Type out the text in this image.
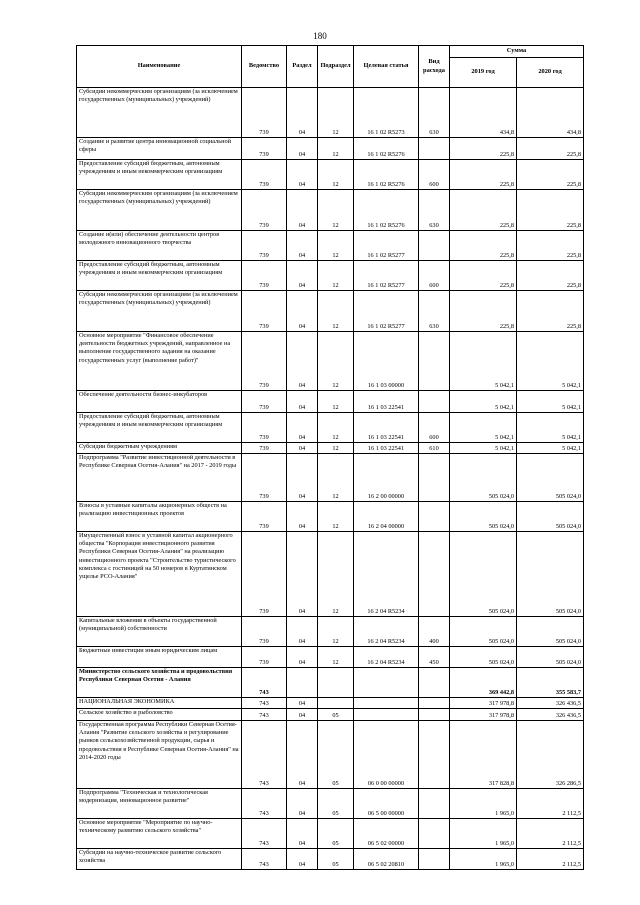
180
Наименование	Ведомство	Раздел	Подраздел	Целевая статья	Вид расхода	Сумма	
						2019 год	2020 год
Субсидии некоммерческим организациям (за исключением государственных (муниципальных) учреждений)	739	04	12	16 1 02 R5273	630	434,8	434,8
Создание и развитие центра инновационной социальной сферы	739	04	12	16 1 02 R5276		225,8	225,8
Предоставление субсидий бюджетным, автономным учреждениям и иным некоммерческим организациям	739	04	12	16 1 02 R5276	600	225,8	225,8
Субсидии некоммерческим организациям (за исключением государственных (муниципальных) учреждений)	739	04	12	16 1 02 R5276	630	225,8	225,8
Создание и(или) обеспечение деятельности центров молодежного инновационного творчества	739	04	12	16 1 02 R5277		225,8	225,8
Предоставление субсидий бюджетным, автономным учреждениям и иным некоммерческим организациям	739	04	12	16 1 02 R5277	600	225,8	225,8
Субсидии некоммерческим организациям (за исключением государственных (муниципальных) учреждений)	739	04	12	16 1 02 R5277	630	225,8	225,8
Основное мероприятие "Финансовое обеспечение деятельности бюджетных учреждений, направленное на выполнение государственного задания на оказание государственных услуг (выполнение работ)"	739	04	12	16 1 03 00000		5 042,1	5 042,1
Обеспечение деятельности бизнес-инкубаторов	739	04	12	16 1 03 22541		5 042,1	5 042,1
Предоставление субсидий бюджетным, автономным учреждениям и иным некоммерческим организациям	739	04	12	16 1 03 22541	600	5 042,1	5 042,1
Субсидии бюджетным учреждениям	739	04	12	16 1 03 22541	610	5 042,1	5 042,1
Подпрограмма "Развитие инвестиционной деятельности в Республике Северная Осетия-Алания" на 2017 - 2019 годы	739	04	12	16 2 00 00000		505 024,0	505 024,0
Взносы в уставные капиталы акционерных обществ на реализацию инвестиционных проектов	739	04	12	16 2 04 00000		505 024,0	505 024,0
Имущественный взнос в уставной капитал акционерного общества "Корпорация инвестиционного развития Республики Северная Осетия-Алания" на реализацию инвестиционного проекта "Строительство туристического комплекса с гостиницей на 50 номеров в Куртатинском ущелье РСО-Алания"	739	04	12	16 2 04 R5234		505 024,0	505 024,0
Капитальные вложения в объекты государственной (муниципальной) собственности	739	04	12	16 2 04 R5234	400	505 024,0	505 024,0
Бюджетные инвестиции иным юридическим лицам	739	04	12	16 2 04 R5234	450	505 024,0	505 024,0
Министерство сельского хозяйства и продовольствия Республики Северная Осетия - Алания	743					369 442,8	355 583,7
НАЦИОНАЛЬНАЯ ЭКОНОМИКА	743	04				317 978,8	326 436,5
Сельское хозяйство и рыболовство	743	04	05			317 978,8	326 436,5
Государственная программа Республики Северная Осетия-Алания "Развитие сельского хозяйства и регулирование рынков сельскохозяйственной продукции, сырья и продовольствия в Республике Северная Осетия-Алания" на 2014-2020 годы	743	04	05	06 0 00 00000		317 828,8	326 286,5
Подпрограмма "Техническая и технологическая модернизация, инновационное развитие"	743	04	05	06 5 00 00000		1 965,0	2 112,5
Основное мероприятие "Мероприятие по научно-техническому развитию сельского хозяйства"	743	04	05	06 5 02 00000		1 965,0	2 112,5
Субсидии на научно-техническое развитие сельского хозяйства	743	04	05	06 5 02 20810		1 965,0	2 112,5
